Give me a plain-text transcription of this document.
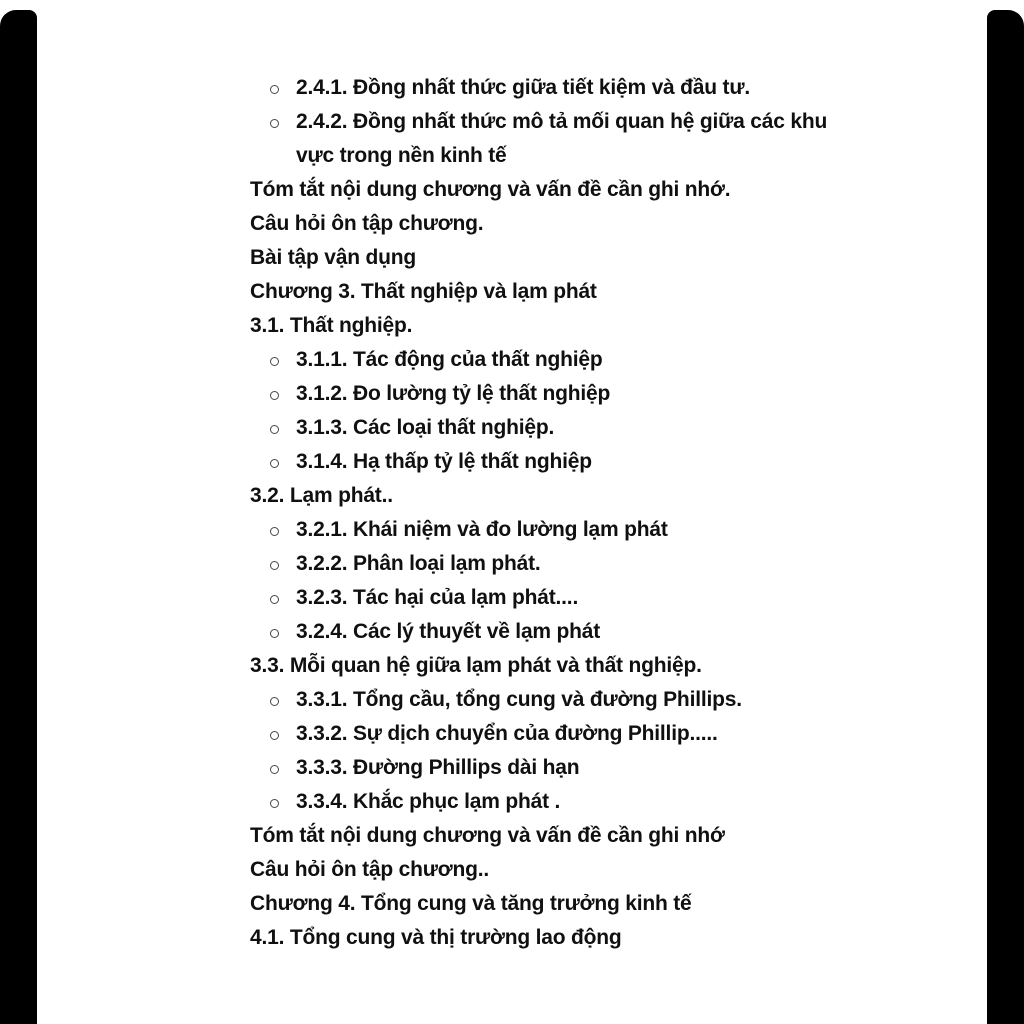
2.4.1. Đồng nhất thức giữa tiết kiệm và đầu tư.
2.4.2. Đồng nhất thức mô tả mối quan hệ giữa các khu
vực trong nền kinh tế
Tóm tắt nội dung chương và vấn đề cần ghi nhớ.
Câu hỏi ôn tập chương.
Bài tập vận dụng
Chương 3. Thất nghiệp và lạm phát
3.1. Thất nghiệp.
3.1.1. Tác động của thất nghiệp
3.1.2. Đo lường tỷ lệ thất nghiệp
3.1.3. Các loại thất nghiệp.
3.1.4. Hạ thấp tỷ lệ thất nghiệp
3.2. Lạm phát..
3.2.1. Khái niệm và đo lường lạm phát
3.2.2. Phân loại lạm phát.
3.2.3. Tác hại của lạm phát....
3.2.4. Các lý thuyết về lạm phát
3.3. Mỗi quan hệ giữa lạm phát và thất nghiệp.
3.3.1. Tổng cầu, tổng cung và đường Phillips.
3.3.2. Sự dịch chuyển của đường Phillip.....
3.3.3. Đường Phillips dài hạn
3.3.4. Khắc phục lạm phát .
Tóm tắt nội dung chương và vấn đề cần ghi nhớ
Câu hỏi ôn tập chương..
Chương 4. Tổng cung và tăng trưởng kinh tế
4.1. Tổng cung và thị trường lao động
